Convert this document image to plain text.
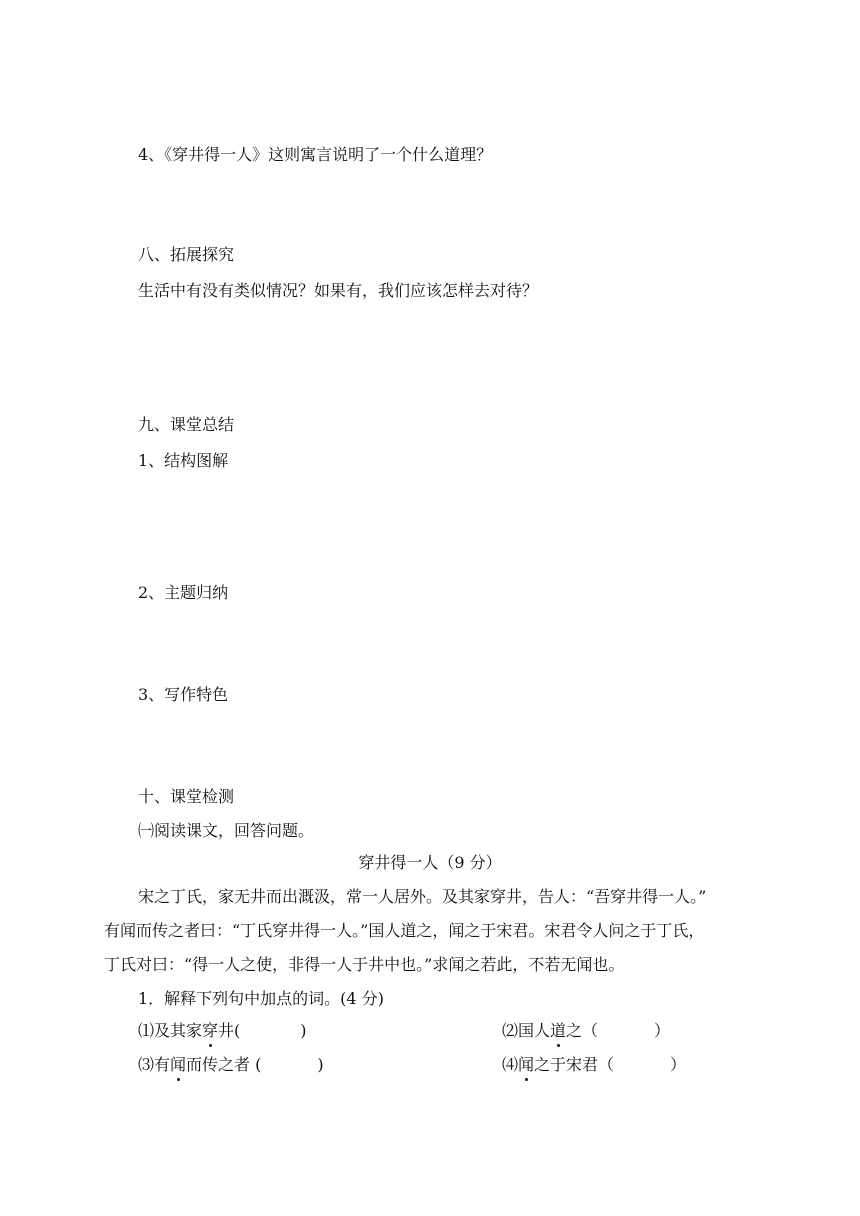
4、《穿井得一人》这则寓言说明了一个什么道理？
八、拓展探究
生活中有没有类似情况？如果有，我们应该怎样去对待？
九、课堂总结
1、结构图解
2、主题归纳
3、写作特色
十、课堂检测
㈠阅读课文，回答问题。
穿井得一人（9 分）
宋之丁氏，家无井而出溉汲，常一人居外。及其家穿井，告人：“吾穿井得一人。”
有闻而传之者曰：“丁氏穿井得一人。”国人道之，闻之于宋君。宋君令人问之于丁氏，
丁氏对曰：“得一人之使，非得一人于井中也。”求闻之若此，不若无闻也。
1．解释下列句中加点的词。(4 分)
⑴及其家穿井(	)	⑵国人道之（	）
⑶有闻而传之者 (	)	⑷闻之于宋君（	）
